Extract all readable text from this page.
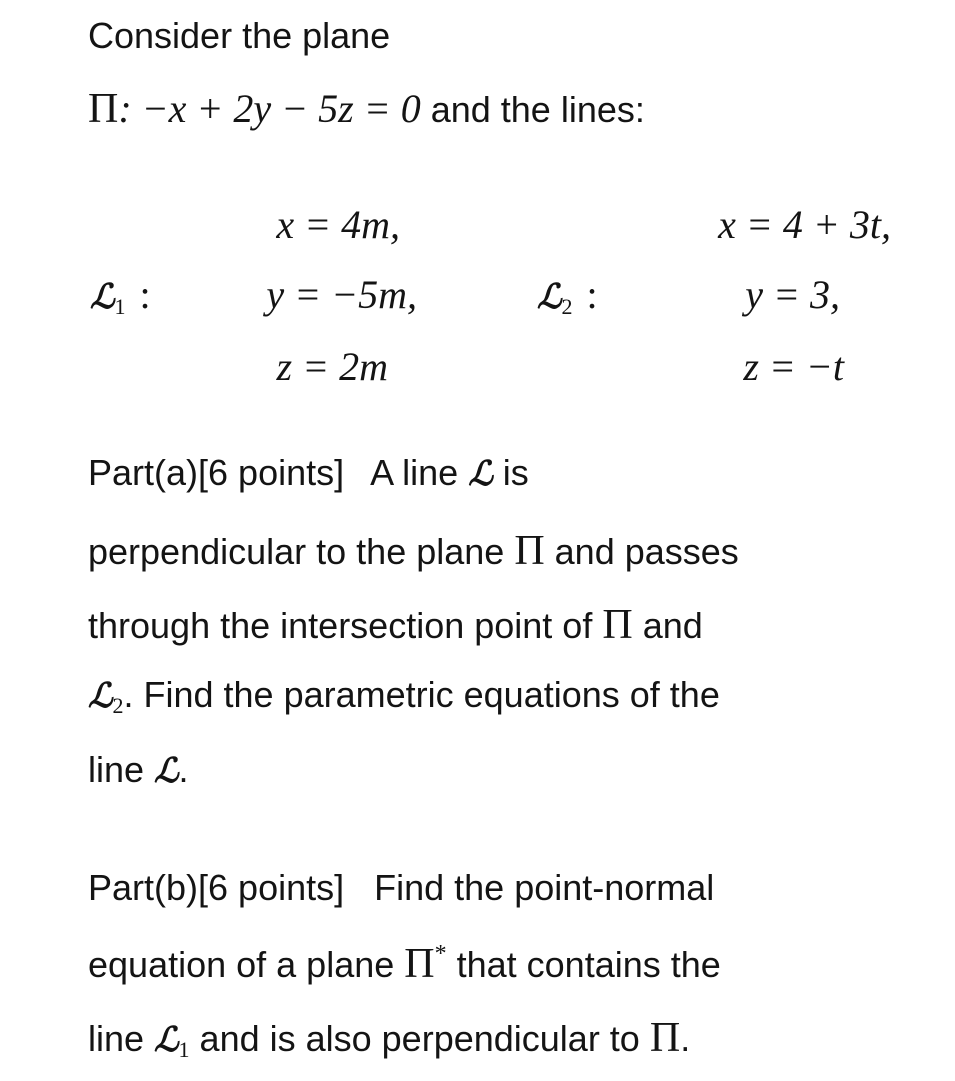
Consider the plane
Π: −x + 2y − 5z = 0 and the lines:
x = 4m,
ℒ$_1$ :	y = −5m,
z = 2m
x = 4 + 3t,
ℒ$_2$ :	y = 3,
z = −t
Part(a)[6 points] A line ℒ is
perpendicular to the plane Π and passes
through the intersection point of Π and
ℒ$_2$. Find the parametric equations of the
line ℒ.
Part(b)[6 points] Find the point-normal
equation of a plane Π* that contains the
line ℒ$_1$ and is also perpendicular to Π.
